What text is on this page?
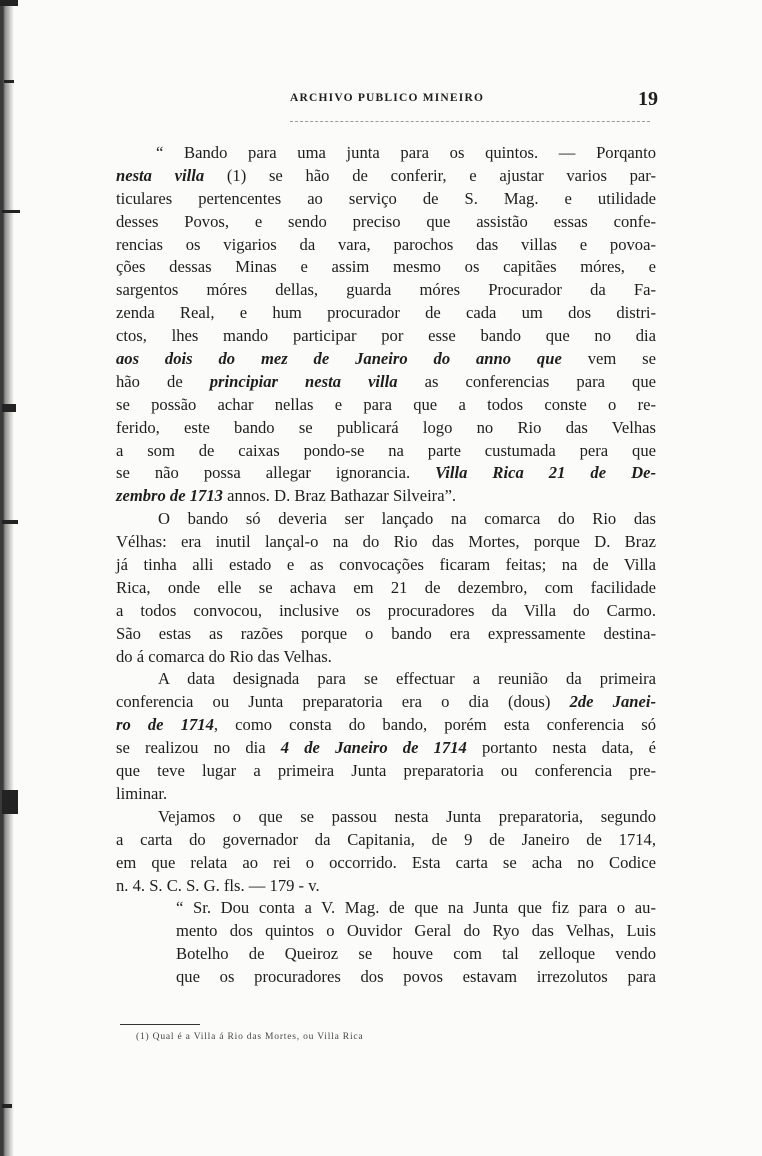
ARCHIVO PUBLICO MINEIRO	19
“ Bando para uma junta para os quintos. — Porqanto
nesta villa (1) se hão de conferir, e ajustar varios par-
ticulares pertencentes ao serviço de S. Mag. e utilidade
desses Povos, e sendo preciso que assistão essas confe-
rencias os vigarios da vara, parochos das villas e povoa-
ções dessas Minas e assim mesmo os capitães móres, e
sargentos móres dellas, guarda móres Procurador da Fa-
zenda Real, e hum procurador de cada um dos distri-
ctos, lhes mando participar por esse bando que no dia
aos dois do mez de Janeiro do anno que vem se
hão de principiar nesta villa as conferencias para que
se possão achar nellas e para que a todos conste o re-
ferido, este bando se publicará logo no Rio das Velhas
a som de caixas pondo-se na parte custumada pera que
se não possa allegar ignorancia. Villa Rica 21 de De-
zembro de 1713 annos. D. Braz Bathazar Silveira”.
O bando só deveria ser lançado na comarca do Rio das
Vélhas: era inutil lançal-o na do Rio das Mortes, porque D. Braz
já tinha alli estado e as convocações ficaram feitas; na de Villa
Rica, onde elle se achava em 21 de dezembro, com facilidade
a todos convocou, inclusive os procuradores da Villa do Carmo.
São estas as razões porque o bando era expressamente destina-
do á comarca do Rio das Velhas.
A data designada para se effectuar a reunião da primeira
conferencia ou Junta preparatoria era o dia (dous) 2de Janei-
ro de 1714, como consta do bando, porém esta conferencia só
se realizou no dia 4 de Janeiro de 1714 portanto nesta data, é
que teve lugar a primeira Junta preparatoria ou conferencia pre-
liminar.
Vejamos o que se passou nesta Junta preparatoria, segundo
a carta do governador da Capitania, de 9 de Janeiro de 1714,
em que relata ao rei o occorrido. Esta carta se acha no Codice
n. 4. S. C. S. G. fls. — 179 - v.
“ Sr. Dou conta a V. Mag. de que na Junta que fiz para o au-
mento dos quintos o Ouvidor Geral do Ryo das Velhas, Luis
Botelho de Queiroz se houve com tal zelloque vendo
que os procuradores dos povos estavam irrezolutos para
(1) Qual é a Villa á Rio das Mortes, ou Villa Rica
